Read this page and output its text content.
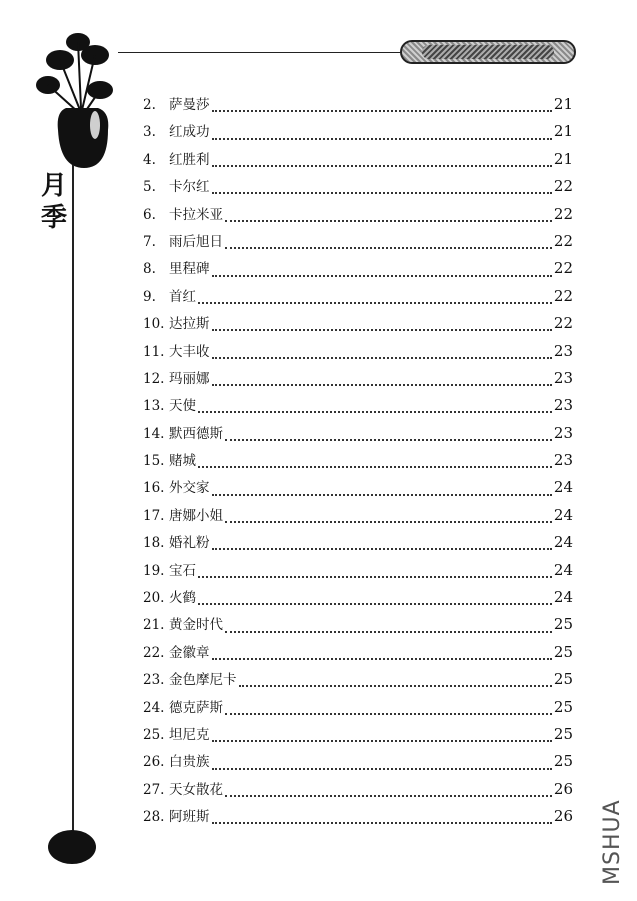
月季
2. 萨曼莎	21
3. 红成功	21
4. 红胜利	21
5. 卡尔红	22
6. 卡拉米亚	22
7. 雨后旭日	22
8. 里程碑	22
9. 首红	22
10. 达拉斯	22
11. 大丰收	23
12. 玛丽娜	23
13. 天使	23
14. 默西德斯	23
15. 赌城	23
16. 外交家	24
17. 唐娜小姐	24
18. 婚礼粉	24
19. 宝石	24
20. 火鹤	24
21. 黄金时代	25
22. 金徽章	25
23. 金色摩尼卡	25
24. 德克萨斯	25
25. 坦尼克	25
26. 白贵族	25
27. 天女散花	26
28. 阿班斯	26 MSHUA
